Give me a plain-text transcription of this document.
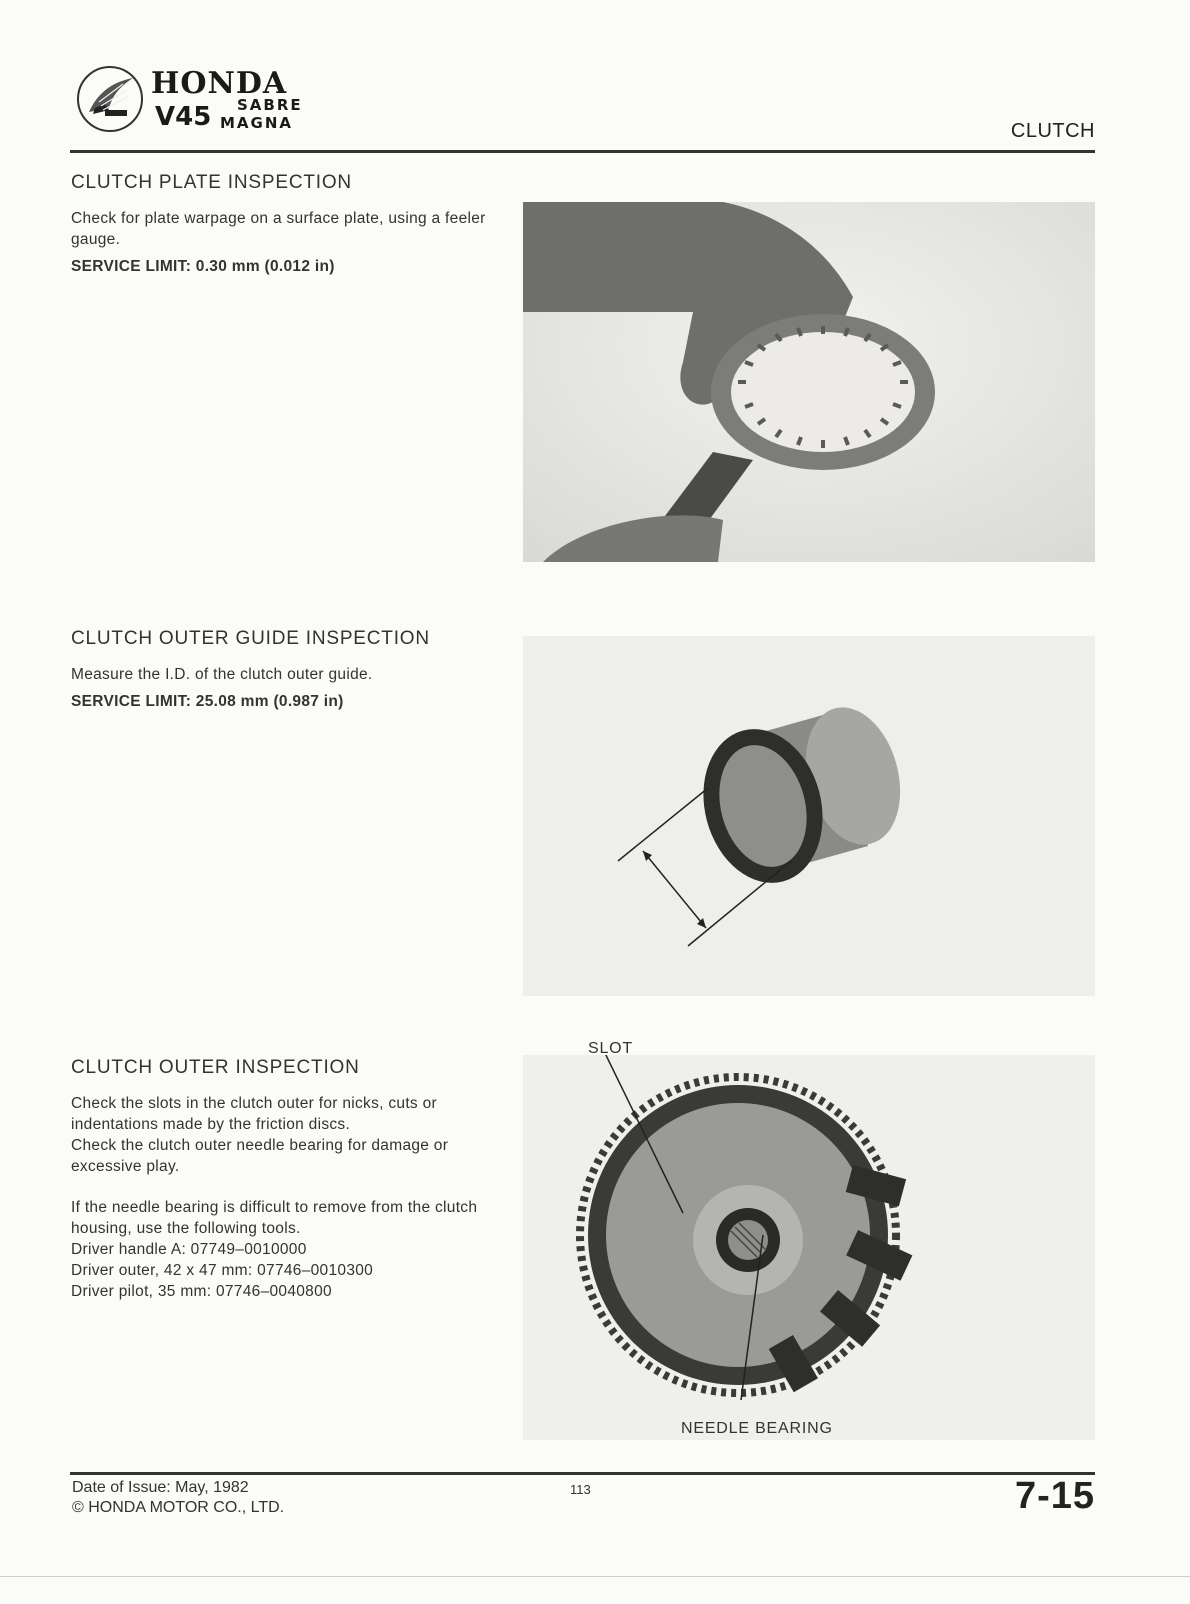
HONDA
V45 SABRE
MAGNA	CLUTCH
CLUTCH PLATE INSPECTION

Check for plate warpage on a surface plate, using a feeler gauge.

SERVICE LIMIT: 0.30 mm (0.012 in)

CLUTCH OUTER GUIDE INSPECTION

Measure the I.D. of the clutch outer guide.

SERVICE LIMIT: 25.08 mm (0.987 in)

CLUTCH OUTER INSPECTION

Check the slots in the clutch outer for nicks, cuts or indentations made by the friction discs.

Check the clutch outer needle bearing for damage or excessive play.

If the needle bearing is difficult to remove from the clutch housing, use the following tools.

Driver handle A: 07749–0010000

Driver outer, 42 x 47 mm: 07746–0010300

Driver pilot, 35 mm: 07746–0040800

SLOT
NEEDLE BEARING
Date of Issue: May, 1982
© HONDA MOTOR CO., LTD.
113	7-15
